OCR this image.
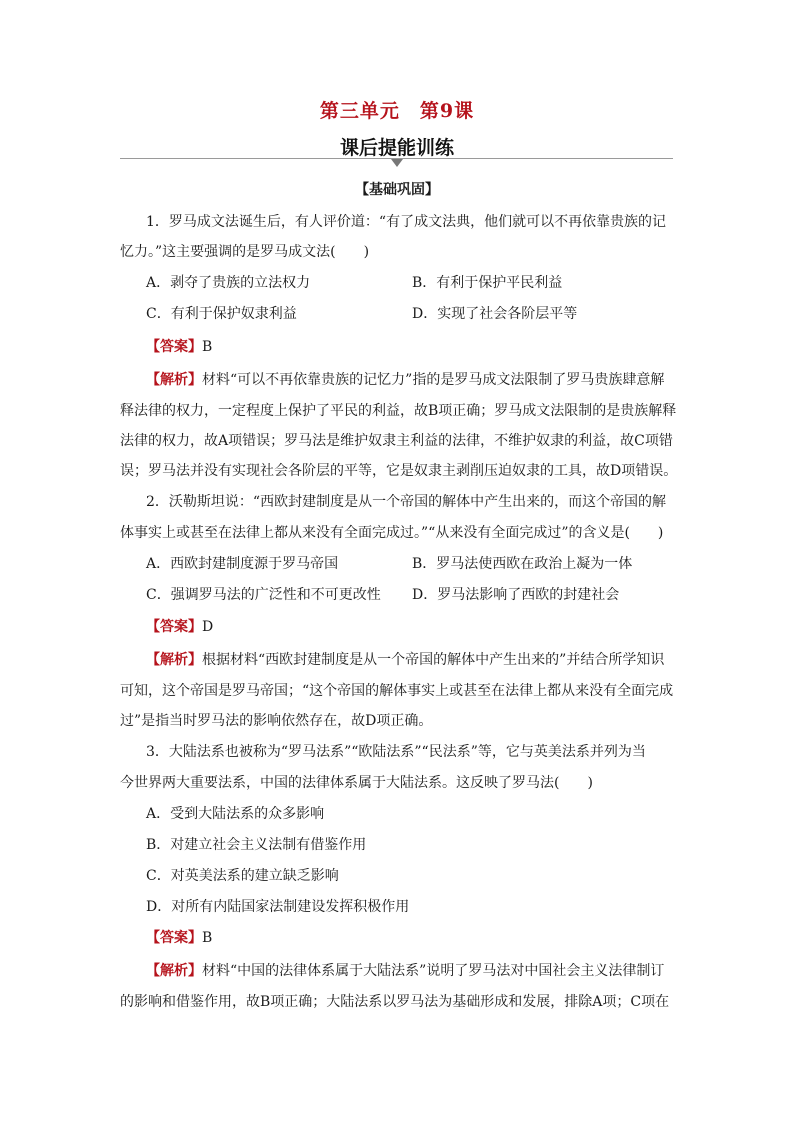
第三单元　第9课
课后提能训练
【基础巩固】
1．罗马成文法诞生后，有人评价道：“有了成文法典，他们就可以不再依靠贵族的记
忆力。”这主要强调的是罗马成文法(　　)
A．剥夺了贵族的立法权力	B．有利于保护平民利益
C．有利于保护奴隶利益	D．实现了社会各阶层平等
【答案】B
【解析】材料“可以不再依靠贵族的记忆力”指的是罗马成文法限制了罗马贵族肆意解
释法律的权力，一定程度上保护了平民的利益，故B项正确；罗马成文法限制的是贵族解释
法律的权力，故A项错误；罗马法是维护奴隶主利益的法律，不维护奴隶的利益，故C项错
误；罗马法并没有实现社会各阶层的平等，它是奴隶主剥削压迫奴隶的工具，故D项错误。
2．沃勒斯坦说：“西欧封建制度是从一个帝国的解体中产生出来的，而这个帝国的解
体事实上或甚至在法律上都从来没有全面完成过。”“从来没有全面完成过”的含义是(　　)
A．西欧封建制度源于罗马帝国	B．罗马法使西欧在政治上凝为一体
C．强调罗马法的广泛性和不可更改性 D．罗马法影响了西欧的封建社会
【答案】D
【解析】根据材料“西欧封建制度是从一个帝国的解体中产生出来的”并结合所学知识
可知，这个帝国是罗马帝国；“这个帝国的解体事实上或甚至在法律上都从来没有全面完成
过”是指当时罗马法的影响依然存在，故D项正确。
3．大陆法系也被称为“罗马法系”“欧陆法系”“民法系”等，它与英美法系并列为当
今世界两大重要法系，中国的法律体系属于大陆法系。这反映了罗马法(　　)
A．受到大陆法系的众多影响
B．对建立社会主义法制有借鉴作用
C．对英美法系的建立缺乏影响
D．对所有内陆国家法制建设发挥积极作用
【答案】B
【解析】材料“中国的法律体系属于大陆法系”说明了罗马法对中国社会主义法律制订
的影响和借鉴作用，故B项正确；大陆法系以罗马法为基础形成和发展，排除A项；C项在
